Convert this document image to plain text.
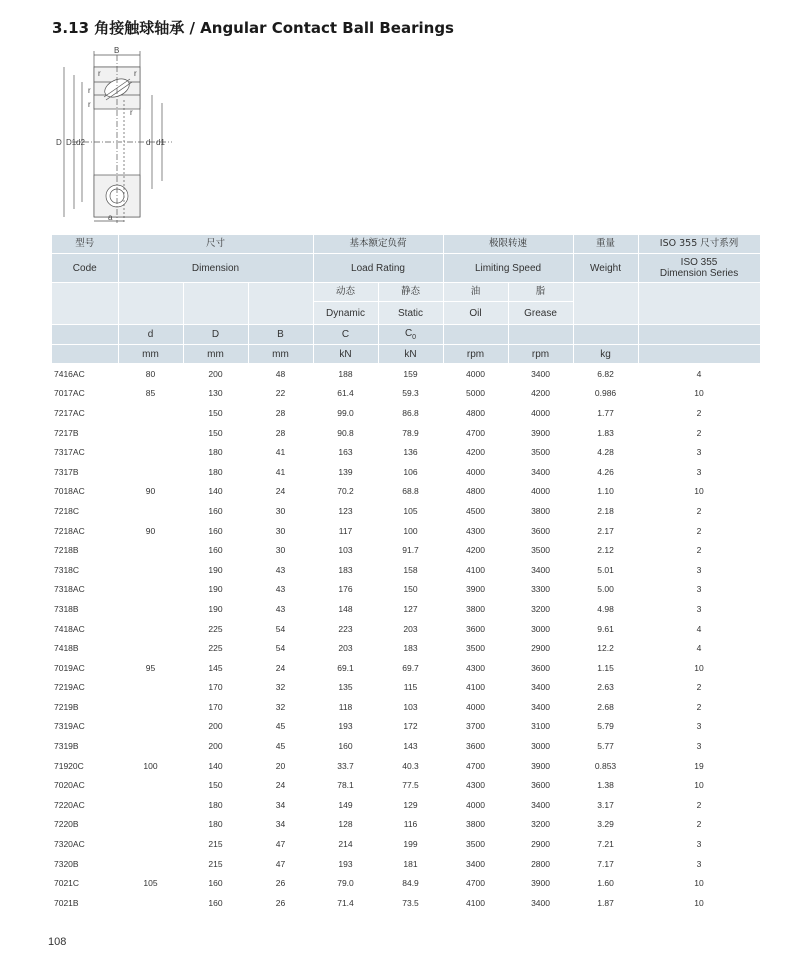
3.13 角接触球轴承 / Angular Contact Ball Bearings
B
r	r
r
r
r
D D1 d2	d d1
a
型号	尺寸			基本额定负荷		极限转速		重量	ISO 355 尺寸系列
Code	Dimension			Load Rating		Limiting Speed		Weight	ISO 355 Dimension Series
				动态	静态	油	脂		
				Dynamic	Static	Oil	Grease		
	d	D	B	C	$C_0$				
	mm	mm	mm	kN	kN	rpm	rpm	kg	
7416AC	80	200	48	188	159	4000	3400	6.82	4
7017AC	85	130	22	61.4	59.3	5000	4200	0.986	10
7217AC		150	28	99.0	86.8	4800	4000	1.77	2
7217B		150	28	90.8	78.9	4700	3900	1.83	2
7317AC		180	41	163	136	4200	3500	4.28	3
7317B		180	41	139	106	4000	3400	4.26	3
7018AC	90	140	24	70.2	68.8	4800	4000	1.10	10
7218C		160	30	123	105	4500	3800	2.18	2
7218AC	90	160	30	117	100	4300	3600	2.17	2
7218B		160	30	103	91.7	4200	3500	2.12	2
7318C		190	43	183	158	4100	3400	5.01	3
7318AC		190	43	176	150	3900	3300	5.00	3
7318B		190	43	148	127	3800	3200	4.98	3
7418AC		225	54	223	203	3600	3000	9.61	4
7418B		225	54	203	183	3500	2900	12.2	4
7019AC	95	145	24	69.1	69.7	4300	3600	1.15	10
7219AC		170	32	135	115	4100	3400	2.63	2
7219B		170	32	118	103	4000	3400	2.68	2
7319AC		200	45	193	172	3700	3100	5.79	3
7319B		200	45	160	143	3600	3000	5.77	3
71920C	100	140	20	33.7	40.3	4700	3900	0.853	19
7020AC		150	24	78.1	77.5	4300	3600	1.38	10
7220AC		180	34	149	129	4000	3400	3.17	2
7220B		180	34	128	116	3800	3200	3.29	2
7320AC		215	47	214	199	3500	2900	7.21	3
7320B		215	47	193	181	3400	2800	7.17	3
7021C	105	160	26	79.0	84.9	4700	3900	1.60	10
7021B		160	26	71.4	73.5	4100	3400	1.87	10
108
